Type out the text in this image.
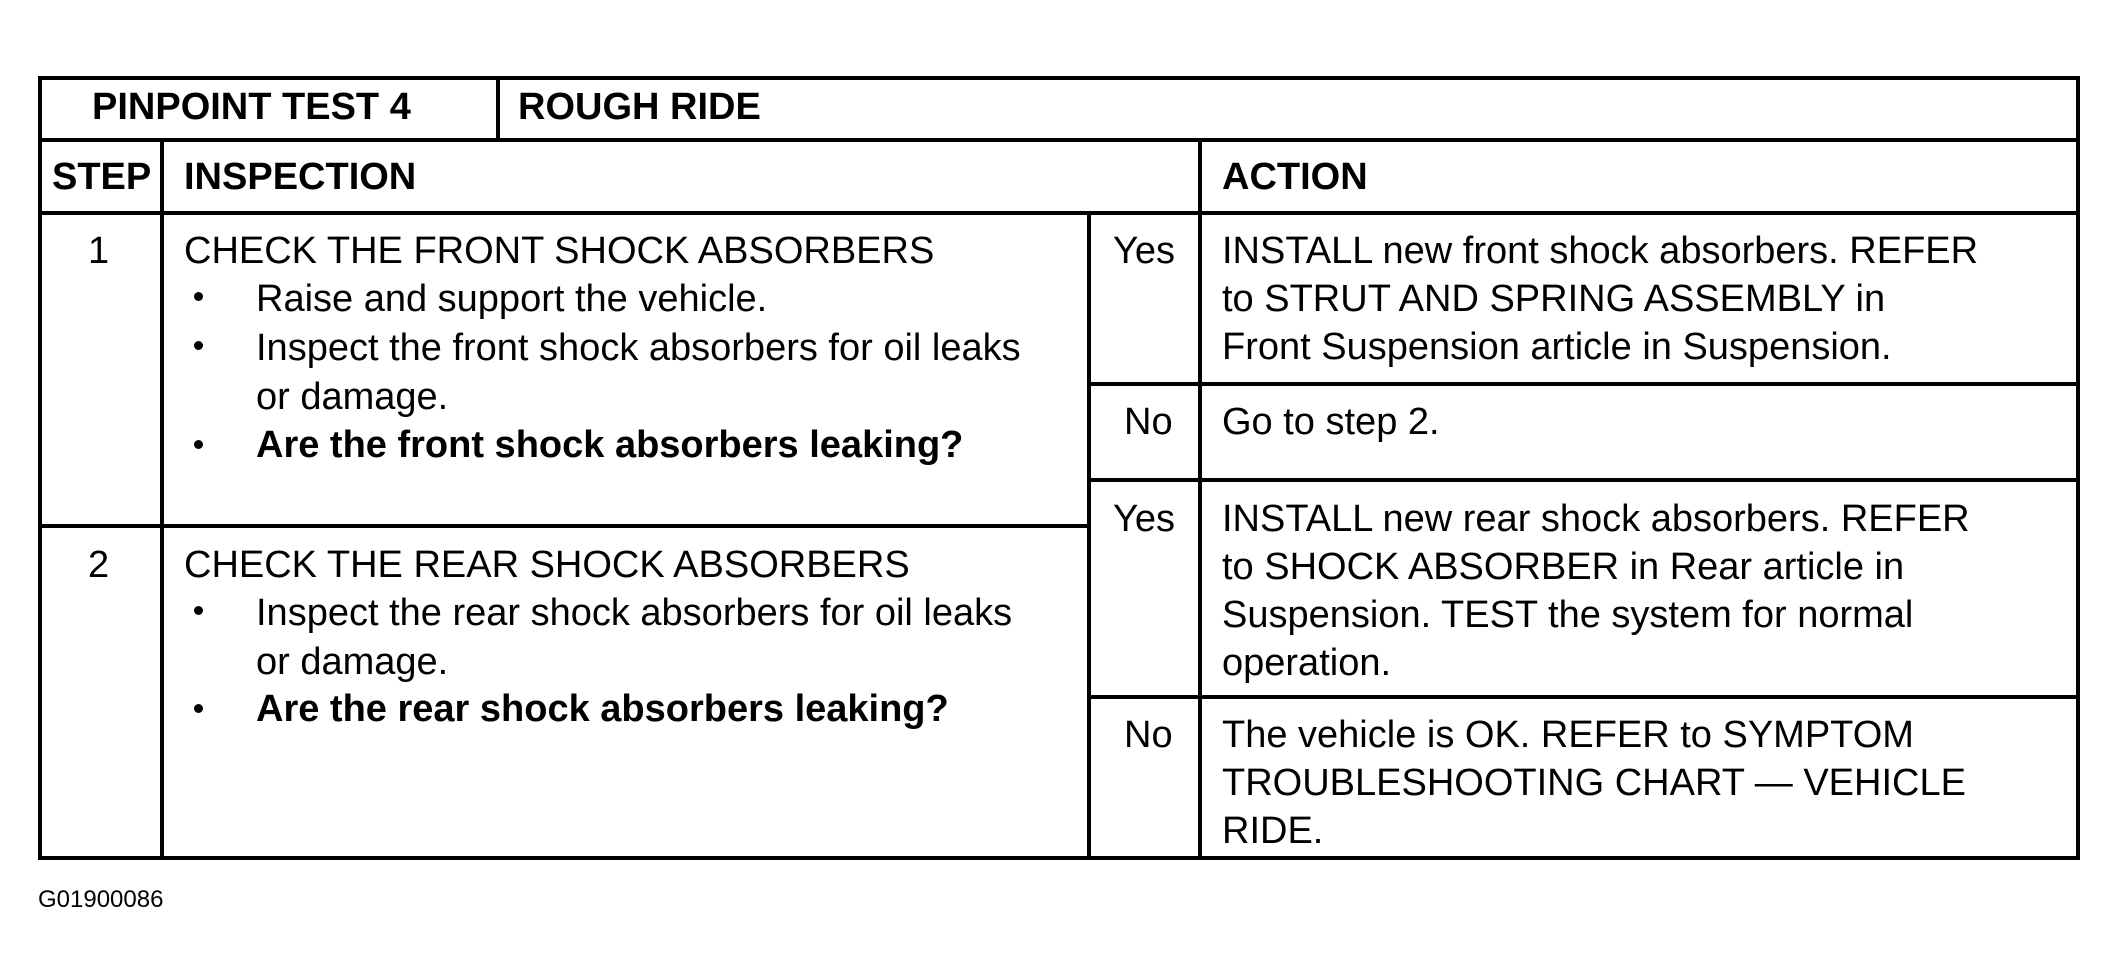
PINPOINT TEST 4	ROUGH RIDE
STEP INSPECTION	ACTION
1 CHECK THE FRONT SHOCK ABSORBERS
Raise and support the vehicle.
Inspect the front shock absorbers for oil leaks
or damage.
Are the front shock absorbers leaking?
Yes INSTALL new front shock absorbers. REFER
to STRUT AND SPRING ASSEMBLY in
Front Suspension article in Suspension.
No Go to step 2.
2 CHECK THE REAR SHOCK ABSORBERS
Inspect the rear shock absorbers for oil leaks
or damage.
Are the rear shock absorbers leaking?
Yes INSTALL new rear shock absorbers. REFER
to SHOCK ABSORBER in Rear article in
Suspension. TEST the system for normal
operation.
No The vehicle is OK. REFER to SYMPTOM
TROUBLESHOOTING CHART — VEHICLE
RIDE.
G01900086
